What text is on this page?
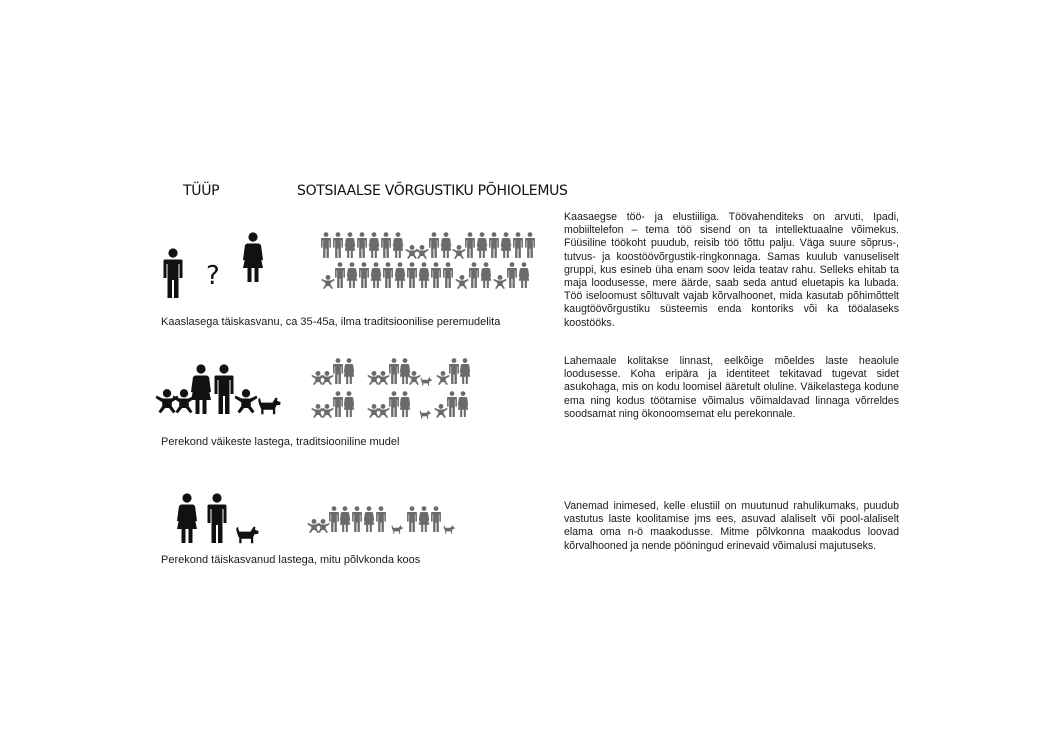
?
TÜÜP	SOTSIAALSE VÕRGUSTIKU PÕHIOLEMUS
Kaaslasega täiskasvanu, ca 35-45a, ilma traditsioonilise peremudelita

Kaasaegse töö- ja elustiiliga. Töövahenditeks on arvuti, Ipadi, mobiiltelefon – tema töö sisend on ta intellektuaalne võimekus. Füüsiline töökoht puudub, reisib töö tõttu palju. Väga suure sõprus-, tutvus- ja koostöövõrgustik-ringkonnaga. Samas kuulub vanuseliselt gruppi, kus esineb üha enam soov leida teatav rahu. Selleks ehitab ta maja loodusesse, mere äärde, saab seda antud eluetapis ka lubada. Töö iseloomust sõltuvalt vajab kõrvalhoonet, mida kasutab põhimõttelt kaugtöövõrgustiku süsteemis enda kontoriks või ka tööalaseks koostööks.

Perekond väikeste lastega, traditsiooniline mudel

Lahemaale kolitakse linnast, eelkõige mõeldes laste heaolule loodusesse. Koha eripära ja identiteet tekitavad tugevat sidet asukohaga, mis on kodu loomisel ääretult oluline. Väikelastega kodune ema ning kodus töötamise võimalus võimaldavad linnaga võrreldes soodsamat ning ökonoomsemat elu perekonnale.

Perekond täiskasvanud lastega, mitu põlvkonda koos

Vanemad inimesed, kelle elustiil on muutunud rahulikumaks, puudub vastutus laste koolitamise jms ees, asuvad alaliselt või pool-alaliselt elama oma n-ö maakodusse. Mitme põlvkonna maakodus loovad kõrvalhooned ja nende pööningud erinevaid võimalusi majutuseks.
